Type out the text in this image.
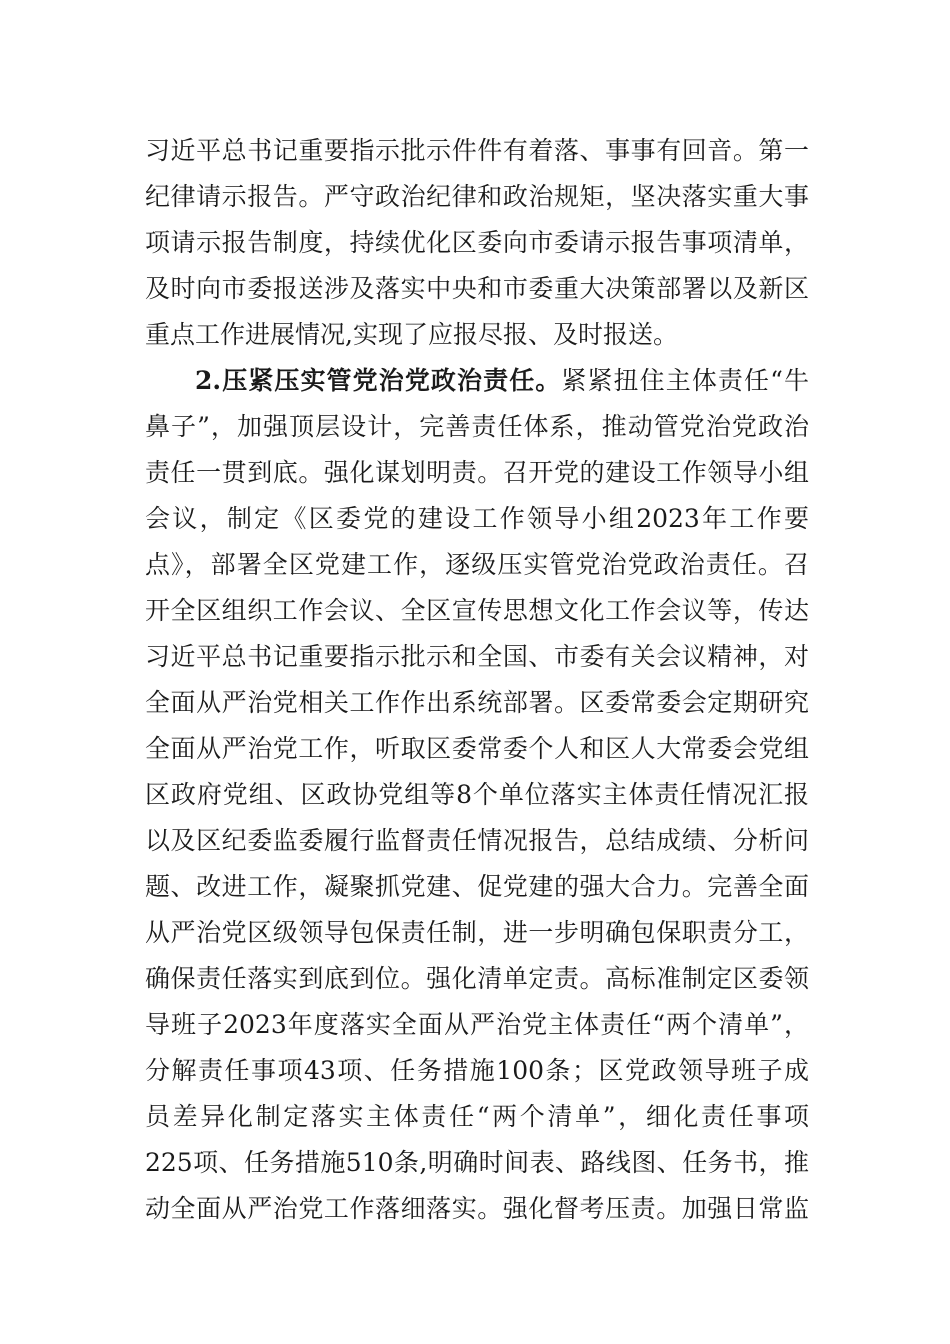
习近平总书记重要指示批示件件有着落、事事有回音。第一
纪律请示报告。严守政治纪律和政治规矩，坚决落实重大事
项请示报告制度，持续优化区委向市委请示报告事项清单，
及时向市委报送涉及落实中央和市委重大决策部署以及新区
重点工作进展情况,实现了应报尽报、及时报送。
2.压紧压实管党治党政治责任。紧紧扭住主体责任“牛
鼻子”，加强顶层设计，完善责任体系，推动管党治党政治
责任一贯到底。强化谋划明责。召开党的建设工作领导小组
会议，制定《区委党的建设工作领导小组2023年工作要
点》，部署全区党建工作，逐级压实管党治党政治责任。召
开全区组织工作会议、全区宣传思想文化工作会议等，传达
习近平总书记重要指示批示和全国、市委有关会议精神，对
全面从严治党相关工作作出系统部署。区委常委会定期研究
全面从严治党工作，听取区委常委个人和区人大常委会党组
区政府党组、区政协党组等8个单位落实主体责任情况汇报
以及区纪委监委履行监督责任情况报告，总结成绩、分析问
题、改进工作，凝聚抓党建、促党建的强大合力。完善全面
从严治党区级领导包保责任制，进一步明确包保职责分工，
确保责任落实到底到位。强化清单定责。高标准制定区委领
导班子2023年度落实全面从严治党主体责任“两个清单”，
分解责任事项43项、任务措施100条；区党政领导班子成
员差异化制定落实主体责任“两个清单”，细化责任事项
225项、任务措施510条,明确时间表、路线图、任务书，推
动全面从严治党工作落细落实。强化督考压责。加强日常监
